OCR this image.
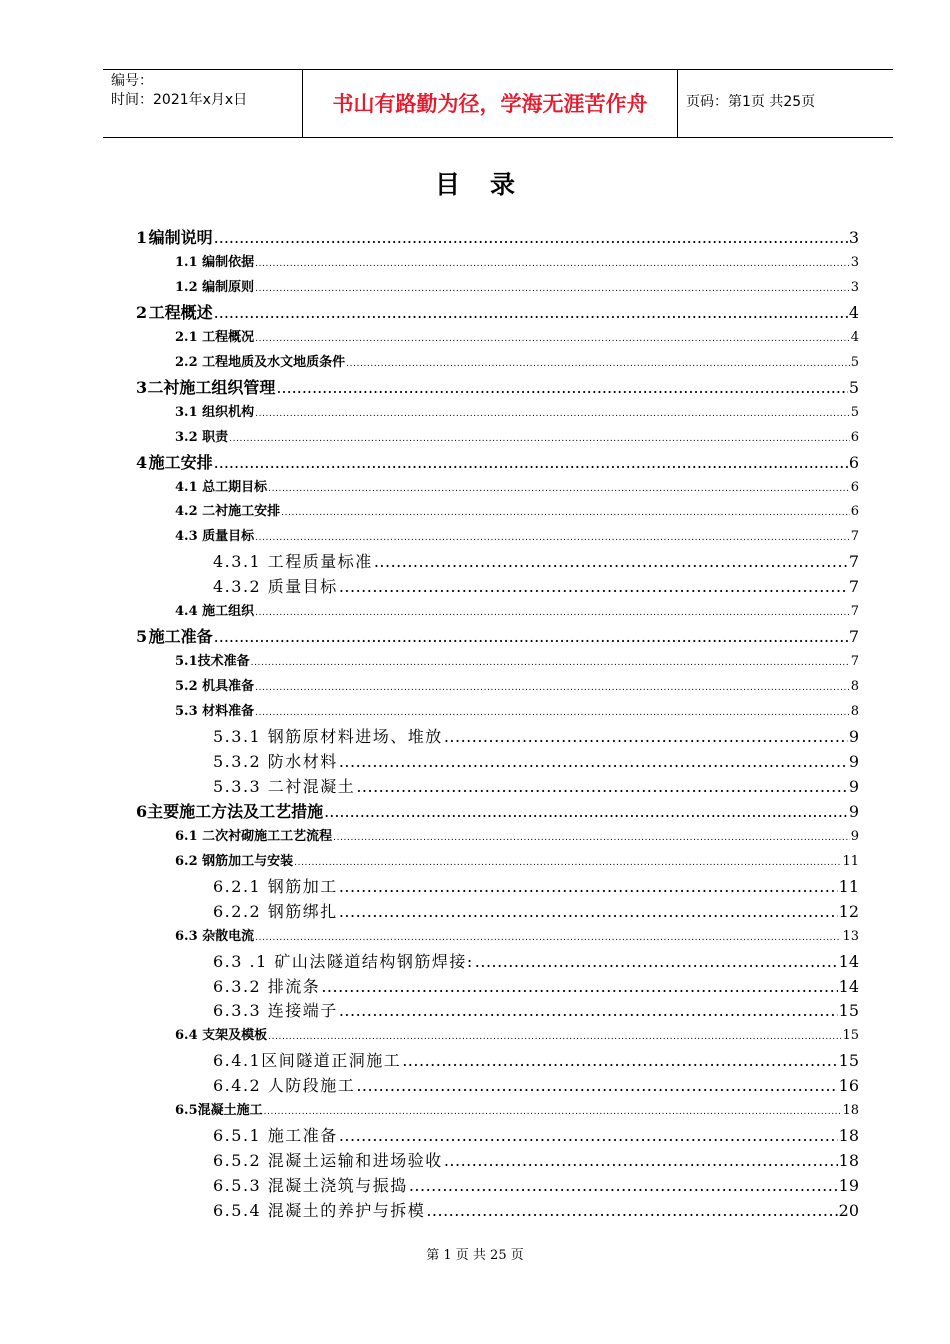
编号：
时间：2021年x月x日	书山有路勤为径，学海无涯苦作舟	页码：第1页 共25页
目录
1 编制说明 .....	3
1.1 编制依据 .....	3
1.2 编制原则 .....	3
2 工程概述 .....	4
2.1 工程概况 .....	4
2.2 工程地质及水文地质条件 .....	5
3 二衬施工组织管理 .....	5
3.1 组织机构 .....	5
3.2 职责 .....	6
4 施工安排 .....	6
4.1 总工期目标 .....	6
4.2 二衬施工安排 .....	6
4.3 质量目标 .....	7
4.3.1 工程质量标准 .....	7
4.3.2 质量目标 .....	7
4.4 施工组织 .....	7
5 施工准备 .....	7
5.1技术准备 .....	7
5.2 机具准备 .....	8
5.3 材料准备 .....	8
5.3.1 钢筋原材料进场、堆放 .....	9
5.3.2 防水材料 .....	9
5.3.3 二衬混凝土 .....	9
6 主要施工方法及工艺措施 .....	9
6.1 二次衬砌施工工艺流程 .....	9
6.2 钢筋加工与安装 .....	11
6.2.1 钢筋加工 .....	11
6.2.2 钢筋绑扎 .....	12
6.3 杂散电流 .....	13
6.3 .1 矿山法隧道结构钢筋焊接: .....	14
6.3.2 排流条 .....	14
6.3.3 连接端子 .....	15
6.4 支架及模板 .....	15
6.4.1区间隧道正洞施工 .....	15
6.4.2 人防段施工 .....	16
6.5混凝土施工 .....	18
6.5.1 施工准备 .....	18
6.5.2 混凝土运输和进场验收 .....	18
6.5.3 混凝土浇筑与振捣 .....	19
6.5.4 混凝土的养护与拆模 .....	20
第 1 页 共 25 页
